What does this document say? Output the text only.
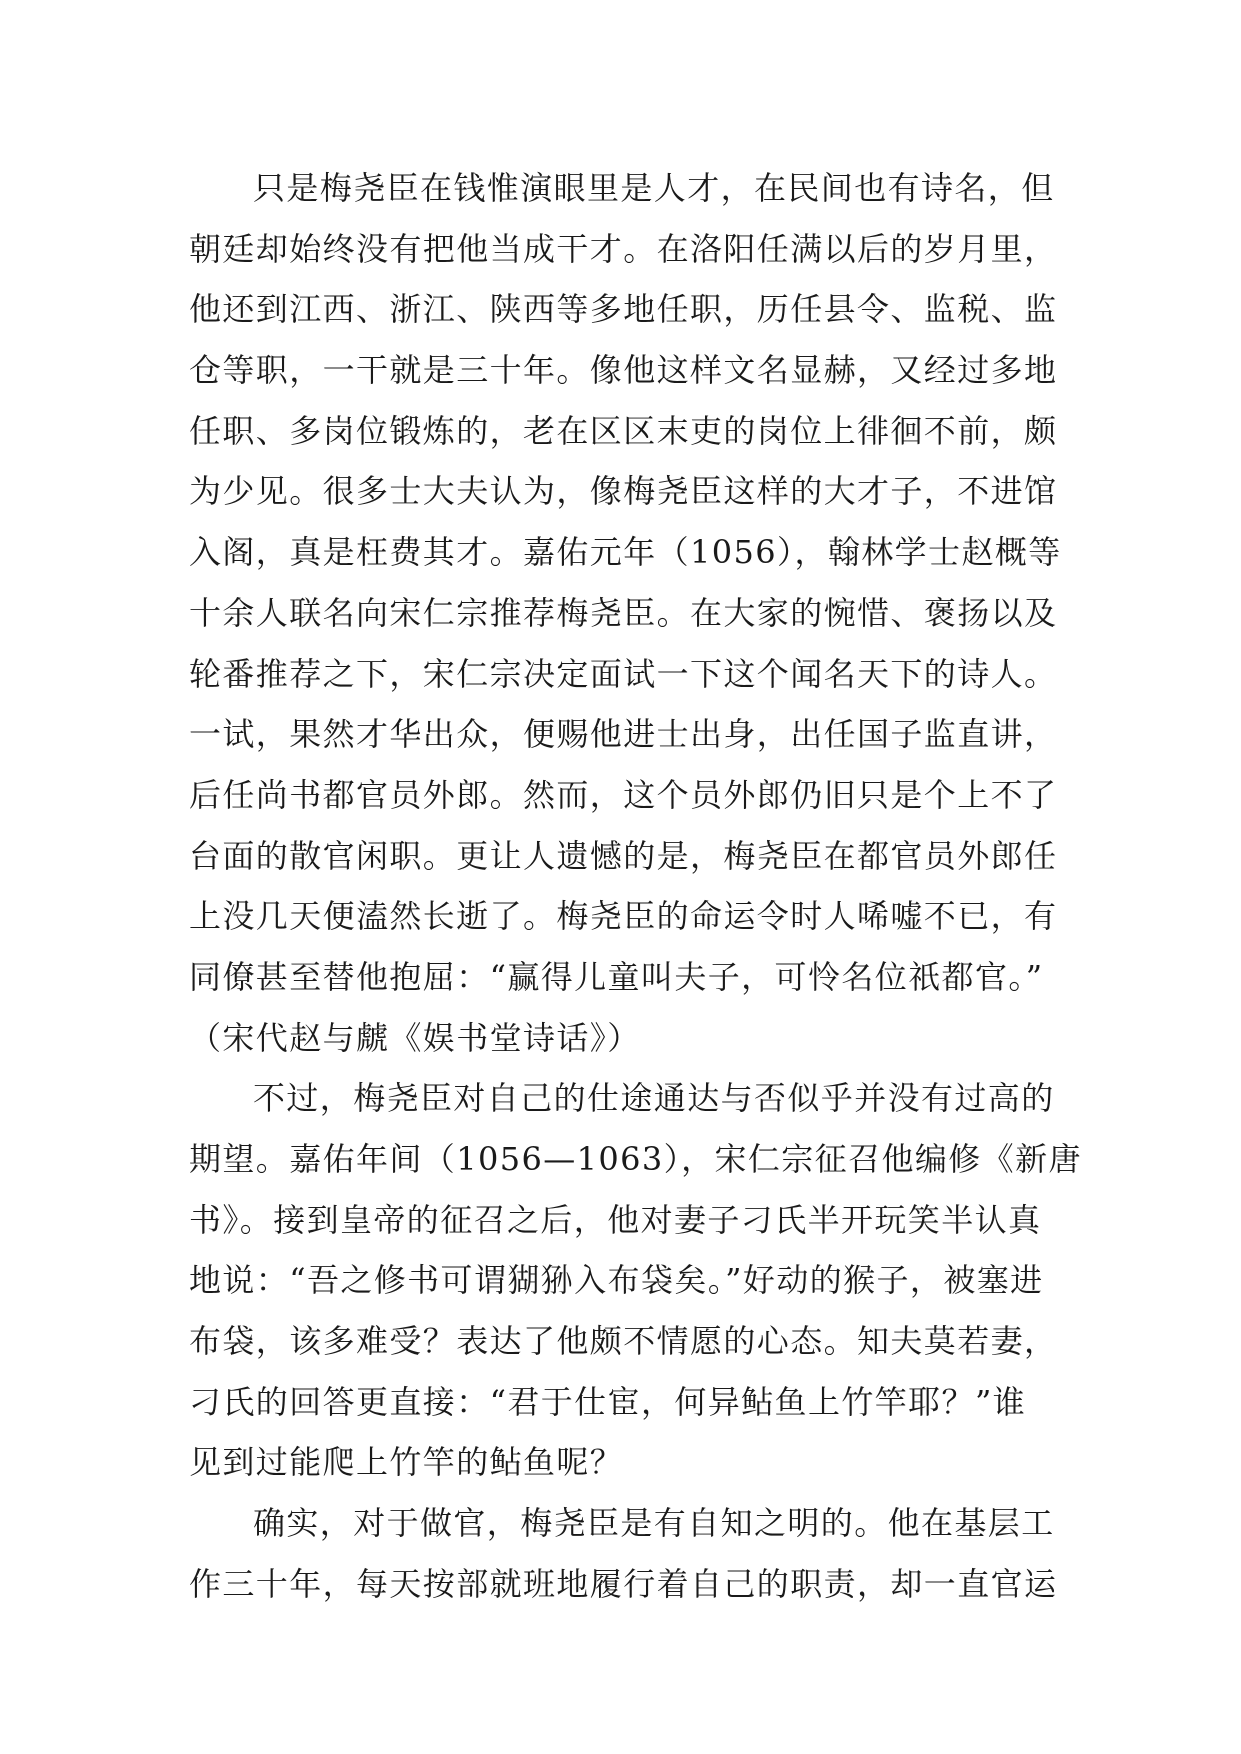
只是梅尧臣在钱惟演眼里是人才，在民间也有诗名，但
朝廷却始终没有把他当成干才。在洛阳任满以后的岁月里，
他还到江西、浙江、陕西等多地任职，历任县令、监税、监
仓等职，一干就是三十年。像他这样文名显赫，又经过多地
任职、多岗位锻炼的，老在区区末吏的岗位上徘徊不前，颇
为少见。很多士大夫认为，像梅尧臣这样的大才子，不进馆
入阁，真是枉费其才。嘉佑元年（1056），翰林学士赵概等
十余人联名向宋仁宗推荐梅尧臣。在大家的惋惜、褒扬以及
轮番推荐之下，宋仁宗决定面试一下这个闻名天下的诗人。
一试，果然才华出众，便赐他进士出身，出任国子监直讲，
后任尚书都官员外郎。然而，这个员外郎仍旧只是个上不了
台面的散官闲职。更让人遗憾的是，梅尧臣在都官员外郎任
上没几天便溘然长逝了。梅尧臣的命运令时人唏嘘不已，有
同僚甚至替他抱屈：“赢得儿童叫夫子，可怜名位祇都官。”
（宋代赵与虤《娱书堂诗话》）
不过，梅尧臣对自己的仕途通达与否似乎并没有过高的
期望。嘉佑年间（1056—1063），宋仁宗征召他编修《新唐
书》。接到皇帝的征召之后，他对妻子刁氏半开玩笑半认真
地说：“吾之修书可谓猢狲入布袋矣。”好动的猴子，被塞进
布袋，该多难受？表达了他颇不情愿的心态。知夫莫若妻，
刁氏的回答更直接：“君于仕宦，何异鲇鱼上竹竿耶？”谁
见到过能爬上竹竿的鲇鱼呢？
确实，对于做官，梅尧臣是有自知之明的。他在基层工
作三十年，每天按部就班地履行着自己的职责，却一直官运
